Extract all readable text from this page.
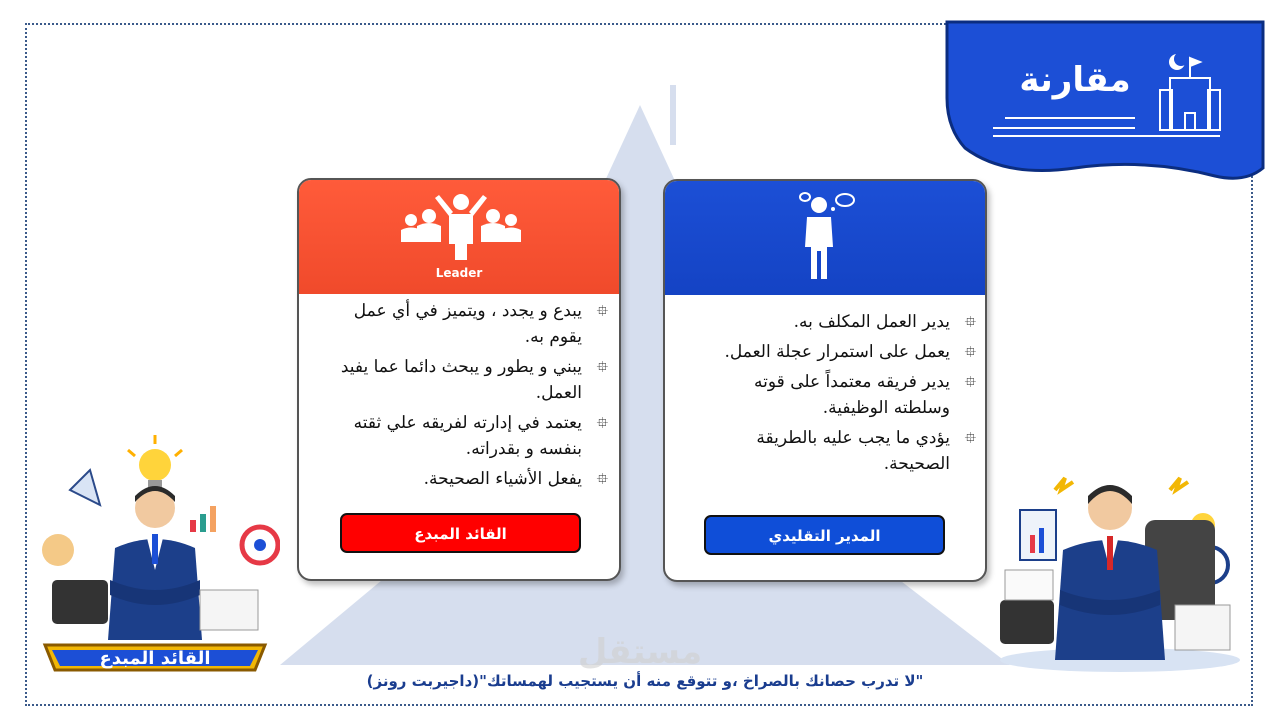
مقارنة
Leader
⯐
يبدع و يجدد ، ويتميز في أي عمل يقوم به.
⯐
يبني و يطور و يبحث دائما عما يفيد العمل.
⯐
يعتمد في إدارته لفريقه علي ثقته بنفسه و بقدراته.
⯐
يفعل الأشياء الصحيحة.
القائد المبدع
⯐
يدير العمل المكلف به.
⯐
يعمل على استمرار عجلة العمل.
⯐
يدير فريقه معتمداً على قوته وسلطته الوظيفية.
⯐
يؤدي ما يجب عليه بالطريقة الصحيحة.
المدير التقليدي
القائد المبدع	مستقل
"لا تدرب حصانك بالصراخ ،و تتوقع منه أن يستجيب لهمساتك"(داجيربت رونز)
